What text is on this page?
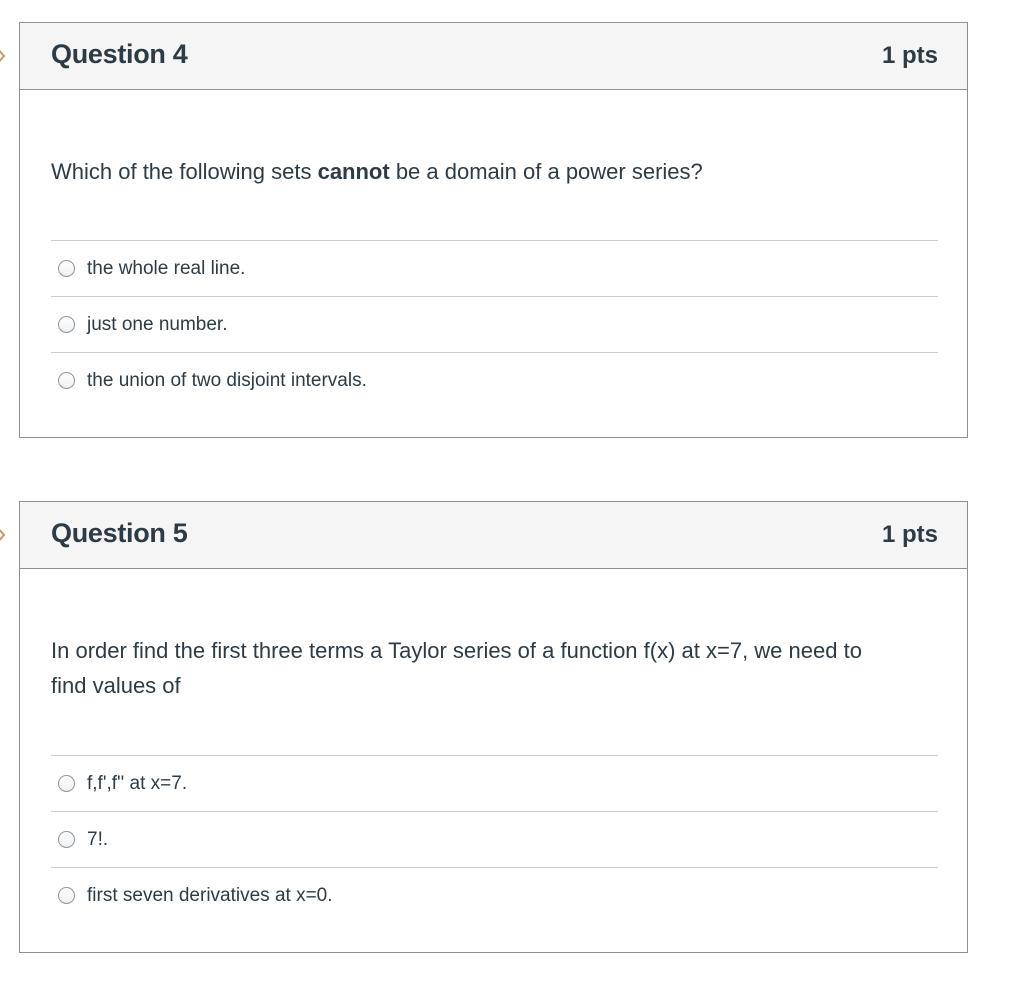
Question 4	1 pts
Which of the following sets cannot be a domain of a power series?
the whole real line.
just one number.
the union of two disjoint intervals.
Question 5	1 pts
In order find the first three terms a Taylor series of a function f(x) at x=7, we need to
find values of
f,f',f'' at x=7.
7!.
first seven derivatives at x=0.
